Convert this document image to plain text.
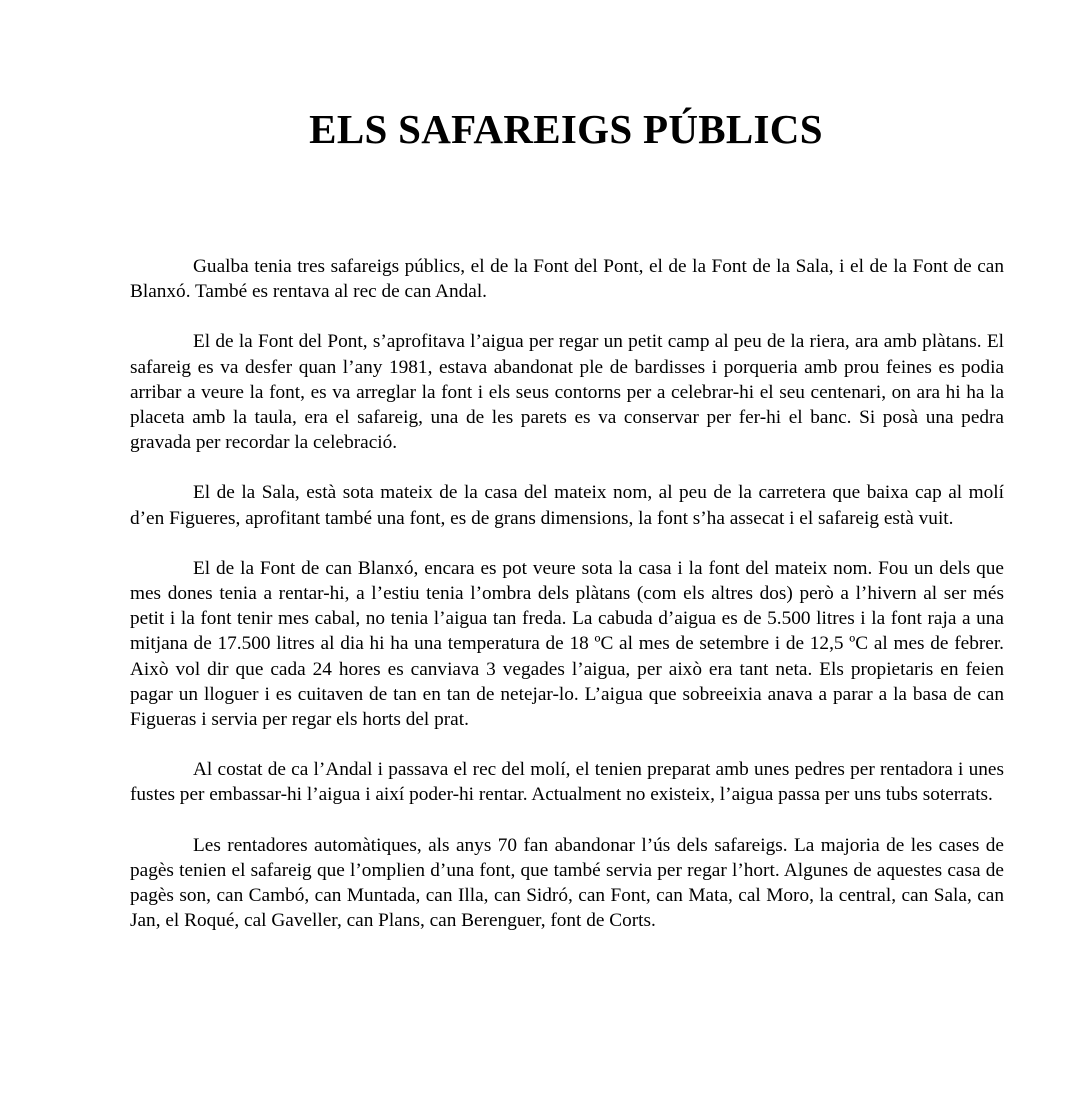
ELS SAFAREIGS PÚBLICS

Gualba tenia tres safareigs públics, el de la Font del Pont, el de la Font de la Sala, i el de la Font de can Blanxó. També es rentava al rec de can Andal.

El de la Font del Pont, s’aprofitava l’aigua per regar un petit camp al peu de la riera, ara amb plàtans. El safareig es va desfer quan l’any 1981, estava abandonat ple de bardisses i porqueria amb prou feines es podia arribar a veure la font, es va arreglar la font i els seus contorns per a celebrar-hi el seu centenari, on ara hi ha la placeta amb la taula, era el safareig, una de les parets es va conservar per fer-hi el banc. Si posà una pedra gravada per recordar la celebració.

El de la Sala, està sota mateix de la casa del mateix nom, al peu de la carretera que baixa cap al molí d’en Figueres, aprofitant també una font, es de grans dimensions, la font s’ha assecat i el safareig està vuit.

El de la Font de can Blanxó, encara es pot veure sota la casa i la font del mateix nom. Fou un dels que mes dones tenia a rentar-hi, a l’estiu tenia l’ombra dels plàtans (com els altres dos) però a l’hivern al ser més petit i la font tenir mes cabal, no tenia l’aigua tan freda. La cabuda d’aigua es de 5.500 litres i la font raja a una mitjana de 17.500 litres al dia hi ha una temperatura de 18 ºC al mes de setembre i de 12,5 ºC al mes de febrer. Això vol dir que cada 24 hores es canviava 3 vegades l’aigua, per això era tant neta. Els propietaris en feien pagar un lloguer i es cuitaven de tan en tan de netejar-lo. L’aigua que sobreeixia anava a parar a la basa de can Figueras i servia per regar els horts del prat.

Al costat de ca l’Andal i passava el rec del molí, el tenien preparat amb unes pedres per rentadora i unes fustes per embassar-hi l’aigua i així poder-hi rentar. Actualment no existeix, l’aigua passa per uns tubs soterrats.

Les rentadores automàtiques, als anys 70 fan abandonar l’ús dels safareigs. La majoria de les cases de pagès tenien el safareig que l’omplien d’una font, que també servia per regar l’hort. Algunes de aquestes casa de pagès son, can Cambó, can Muntada, can Illa, can Sidró, can Font, can Mata, cal Moro, la central, can Sala, can Jan, el Roqué, cal Gaveller, can Plans, can Berenguer, font de Corts.
